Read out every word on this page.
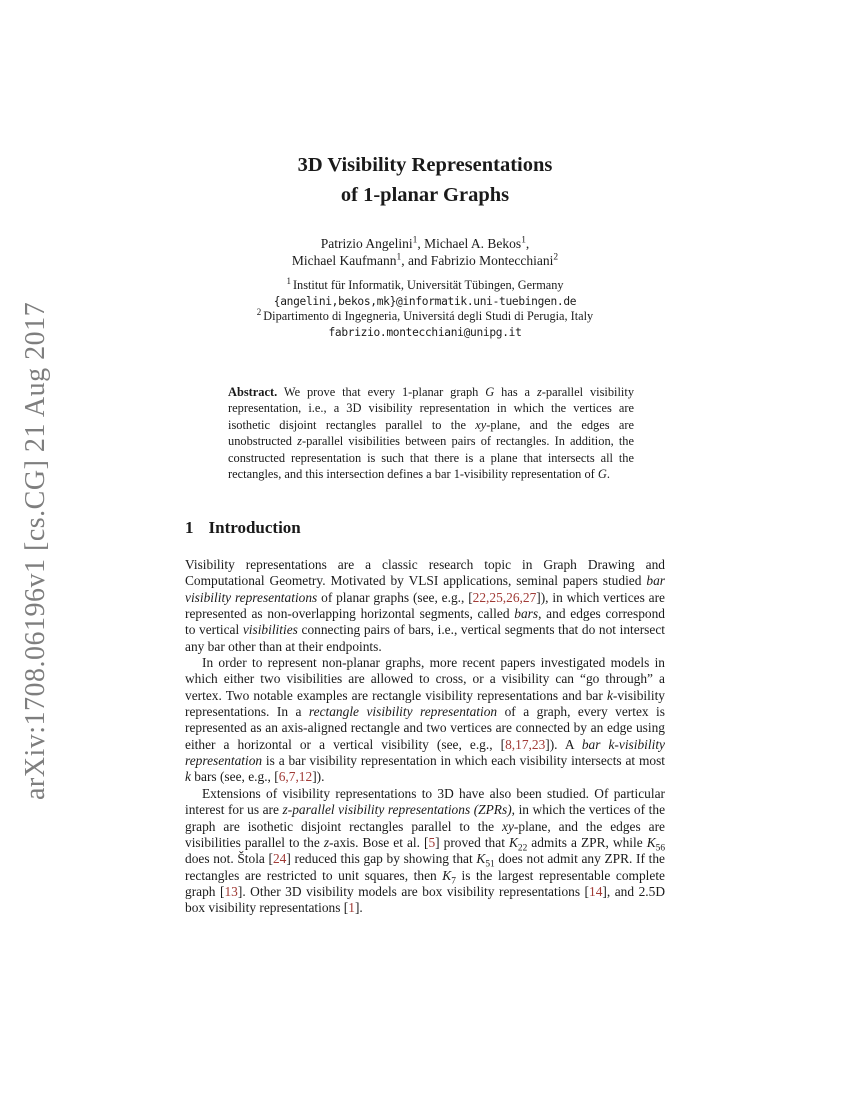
arXiv:1708.06196v1 [cs.CG] 21 Aug 2017
3D Visibility Representations
of 1-planar Graphs
Patrizio Angelini$^1$, Michael A. Bekos$^1$,
Michael Kaufmann$^1$, and Fabrizio Montecchiani$^2$
$^1$ Institut für Informatik, Universität Tübingen, Germany
{angelini,bekos,mk}@informatik.uni-tuebingen.de
$^2$ Dipartimento di Ingegneria, Universitá degli Studi di Perugia, Italy
fabrizio.montecchiani@unipg.it
Abstract. We prove that every 1-planar graph G has a z-parallel visibility representation, i.e., a 3D visibility representation in which the vertices are isothetic disjoint rectangles parallel to the xy-plane, and the edges are unobstructed z-parallel visibilities between pairs of rectangles. In addition, the constructed representation is such that there is a plane that intersects all the rectangles, and this intersection defines a bar 1-visibility representation of G.
1 Introduction

Visibility representations are a classic research topic in Graph Drawing and Computational Geometry. Motivated by VLSI applications, seminal papers studied bar visibility representations of planar graphs (see, e.g., [22,25,26,27]), in which vertices are represented as non-overlapping horizontal segments, called bars, and edges correspond to vertical visibilities connecting pairs of bars, i.e., vertical segments that do not intersect any bar other than at their endpoints.

In order to represent non-planar graphs, more recent papers investigated models in which either two visibilities are allowed to cross, or a visibility can “go through” a vertex. Two notable examples are rectangle visibility representations and bar k-visibility representations. In a rectangle visibility representation of a graph, every vertex is represented as an axis-aligned rectangle and two vertices are connected by an edge using either a horizontal or a vertical visibility (see, e.g., [8,17,23]). A bar k-visibility representation is a bar visibility representation in which each visibility intersects at most k bars (see, e.g., [6,7,12]).

Extensions of visibility representations to 3D have also been studied. Of particular interest for us are z-parallel visibility representations (ZPRs), in which the vertices of the graph are isothetic disjoint rectangles parallel to the xy-plane, and the edges are visibilities parallel to the z-axis. Bose et al. [5] proved that $K_{22}$ admits a ZPR, while $K_{56}$ does not. Štola [24] reduced this gap by showing that $K_{51}$ does not admit any ZPR. If the rectangles are restricted to unit squares, then $K_7$ is the largest representable complete graph [13]. Other 3D visibility models are box visibility representations [14], and 2.5D box visibility representations [1].
